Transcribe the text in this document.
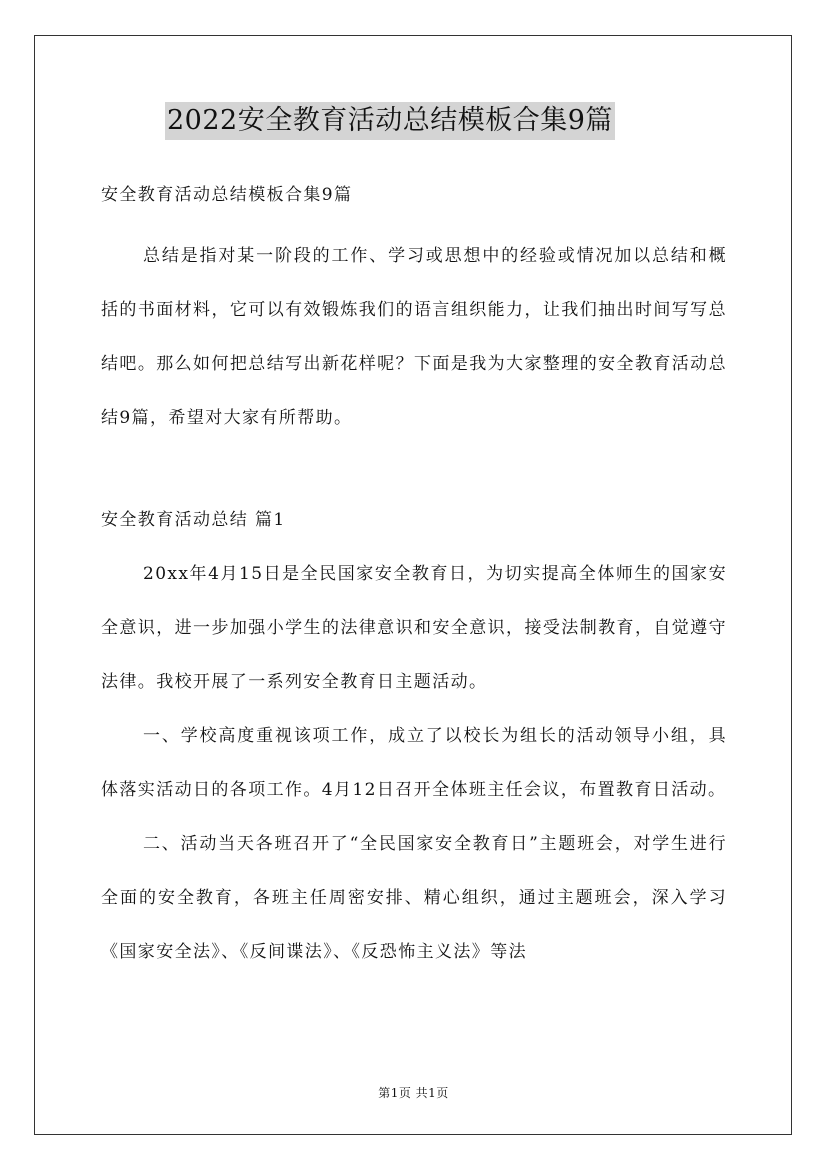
2022安全教育活动总结模板合集9篇

安全教育活动总结模板合集9篇

总结是指对某一阶段的工作、学习或思想中的经验或情况加以总结和概括的书面材料，它可以有效锻炼我们的语言组织能力，让我们抽出时间写写总结吧。那么如何把总结写出新花样呢？下面是我为大家整理的安全教育活动总结9篇，希望对大家有所帮助。

安全教育活动总结 篇1

20xx年4月15日是全民国家安全教育日，为切实提高全体师生的国家安全意识，进一步加强小学生的法律意识和安全意识，接受法制教育，自觉遵守法律。我校开展了一系列安全教育日主题活动。

一、学校高度重视该项工作，成立了以校长为组长的活动领导小组，具体落实活动日的各项工作。4月12日召开全体班主任会议，布置教育日活动。

二、活动当天各班召开了“全民国家安全教育日”主题班会，对学生进行全面的安全教育，各班主任周密安排、精心组织，通过主题班会，深入学习《国家安全法》、《反间谍法》、《反恐怖主义法》等法

第1页 共1页
